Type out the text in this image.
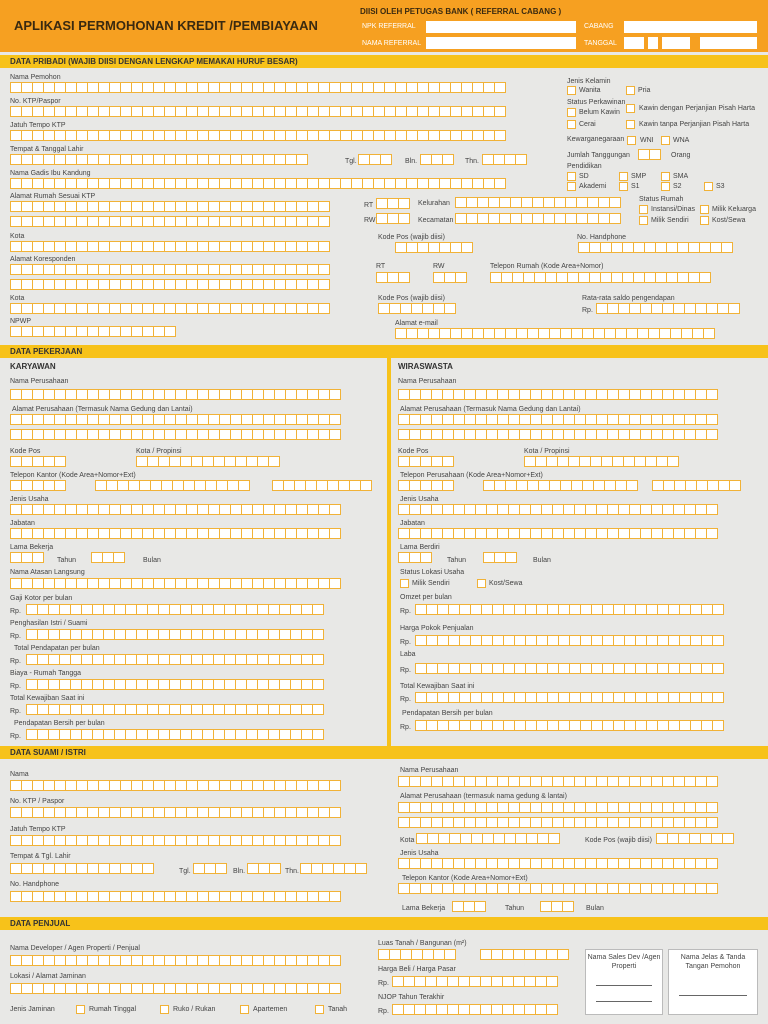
APLIKASI PERMOHONAN KREDIT /PEMBIAYAAN
DIISI OLEH PETUGAS BANK ( REFERRAL CABANG )
NPK REFERRAL
NAMA REFERRAL
CABANG
TANGGAL
DATA PRIBADI (WAJIB DIISI DENGAN LENGKAP MEMAKAI HURUF BESAR)
Nama Pemohon
No. KTP/Paspor
Jatuh Tempo KTP
Tempat & Tanggal Lahir
Tgl.	Bln.	Thn.
Nama Gadis Ibu Kandung
Alamat Rumah Sesuai KTP
RT
RW
Kelurahan
Kecamatan
Kota	Kode Pos (wajib diisi)	No. Handphone
Alamat Koresponden
RT	RW	Telepon Rumah (Kode Area+Nomor)
Kota	Kode Pos (wajib diisi)	Rata-rata saldo pengendapan
Rp.
NPWP	Alamat e-mail
Jenis Kelamin
Wanita	Pria
Status Perkawinan
Belum Kawin
Cerai
Kawin dengan Perjanjian Pisah Harta
Kawin tanpa Perjanjian Pisah Harta
Kewarganegaraan WNI	WNA
Jumlah Tanggungan	Orang
Pendidikan
SD	SMP	SMA
Akademi	S1	S2	S3
Status Rumah
Instansi/Dinas Milik Keluarga
Milik Sendiri	Kost/Sewa
DATA PEKERJAAN
KARYAWAN
Nama Perusahaan
Alamat Perusahaan (Termasuk Nama Gedung dan Lantai)
Kode Pos	Kota / Propinsi
Telepon Kantor (Kode Area+Nomor+Ext)
Jenis Usaha
Jabatan
Lama Bekerja
Tahun	Bulan
Nama Atasan Langsung
Gaji Kotor per bulan
Rp.
Penghasilan Istri / Suami
Rp.
Total Pendapatan per bulan
Rp.
Biaya - Rumah Tangga
Rp.
Total Kewajiban Saat ini
Rp.
Pendapatan Bersih per bulan
Rp.
WIRASWASTA
Nama Perusahaan
Alamat Perusahaan (Termasuk Nama Gedung dan Lantai)
Kode Pos	Kota / Propinsi
Telepon Perusahaan (Kode Area+Nomor+Ext)
Jenis Usaha
Jabatan
Lama Berdiri
Tahun	Bulan
Status Lokasi Usaha
Milik Sendiri	Kost/Sewa
Omzet per bulan
Rp.
Harga Pokok Penjualan
Rp.
Laba
Rp.
Total Kewajiban Saat ini
Rp.
Pendapatan Bersih per bulan
Rp.
DATA SUAMI / ISTRI
Nama
No. KTP / Paspor
Jatuh Tempo KTP
Tempat & Tgl. Lahir
Tgl.	Bln.	Thn.
No. Handphone
Nama Perusahaan
Alamat Perusahaan (termasuk nama gedung & lantai)
Kota	Kode Pos (wajib diisi)
Jenis Usaha
Telepon Kantor (Kode Area+Nomor+Ext)
Lama Bekerja	Tahun	Bulan
DATA PENJUAL
Nama Developer / Agen Properti / Penjual
Lokasi / Alamat Jaminan
Jenis Jaminan	Rumah Tinggal	Ruko / Rukan	Apartemen	Tanah
Luas Tanah / Bangunan (m²)
Harga Beli / Harga Pasar
Rp.
NJOP Tahun Terakhir
Rp.
Nama Sales Dev /Agen Properti
Nama Jelas & Tanda Tangan Pemohon
